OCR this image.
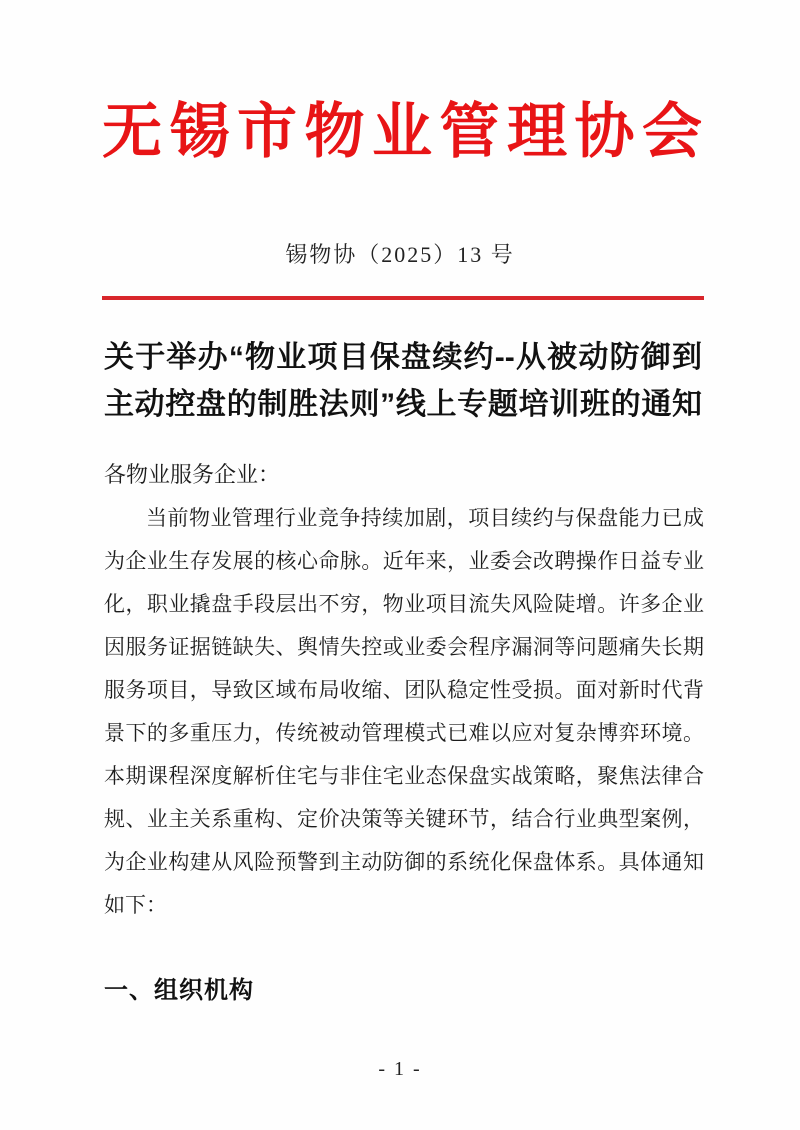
无锡市物业管理协会
锡物协（2025）13 号
关于举办“物业项目保盘续约--从被动防御到
主动控盘的制胜法则”线上专题培训班的通知
各物业服务企业：
当前物业管理行业竞争持续加剧，项目续约与保盘能力已成为企业生存发展的核心命脉。近年来，业委会改聘操作日益专业化，职业撬盘手段层出不穷，物业项目流失风险陡增。许多企业因服务证据链缺失、舆情失控或业委会程序漏洞等问题痛失长期服务项目，导致区域布局收缩、团队稳定性受损。面对新时代背景下的多重压力，传统被动管理模式已难以应对复杂博弈环境。本期课程深度解析住宅与非住宅业态保盘实战策略，聚焦法律合规、业主关系重构、定价决策等关键环节，结合行业典型案例，为企业构建从风险预警到主动防御的系统化保盘体系。具体通知如下：
一、组织机构
- 1 -
